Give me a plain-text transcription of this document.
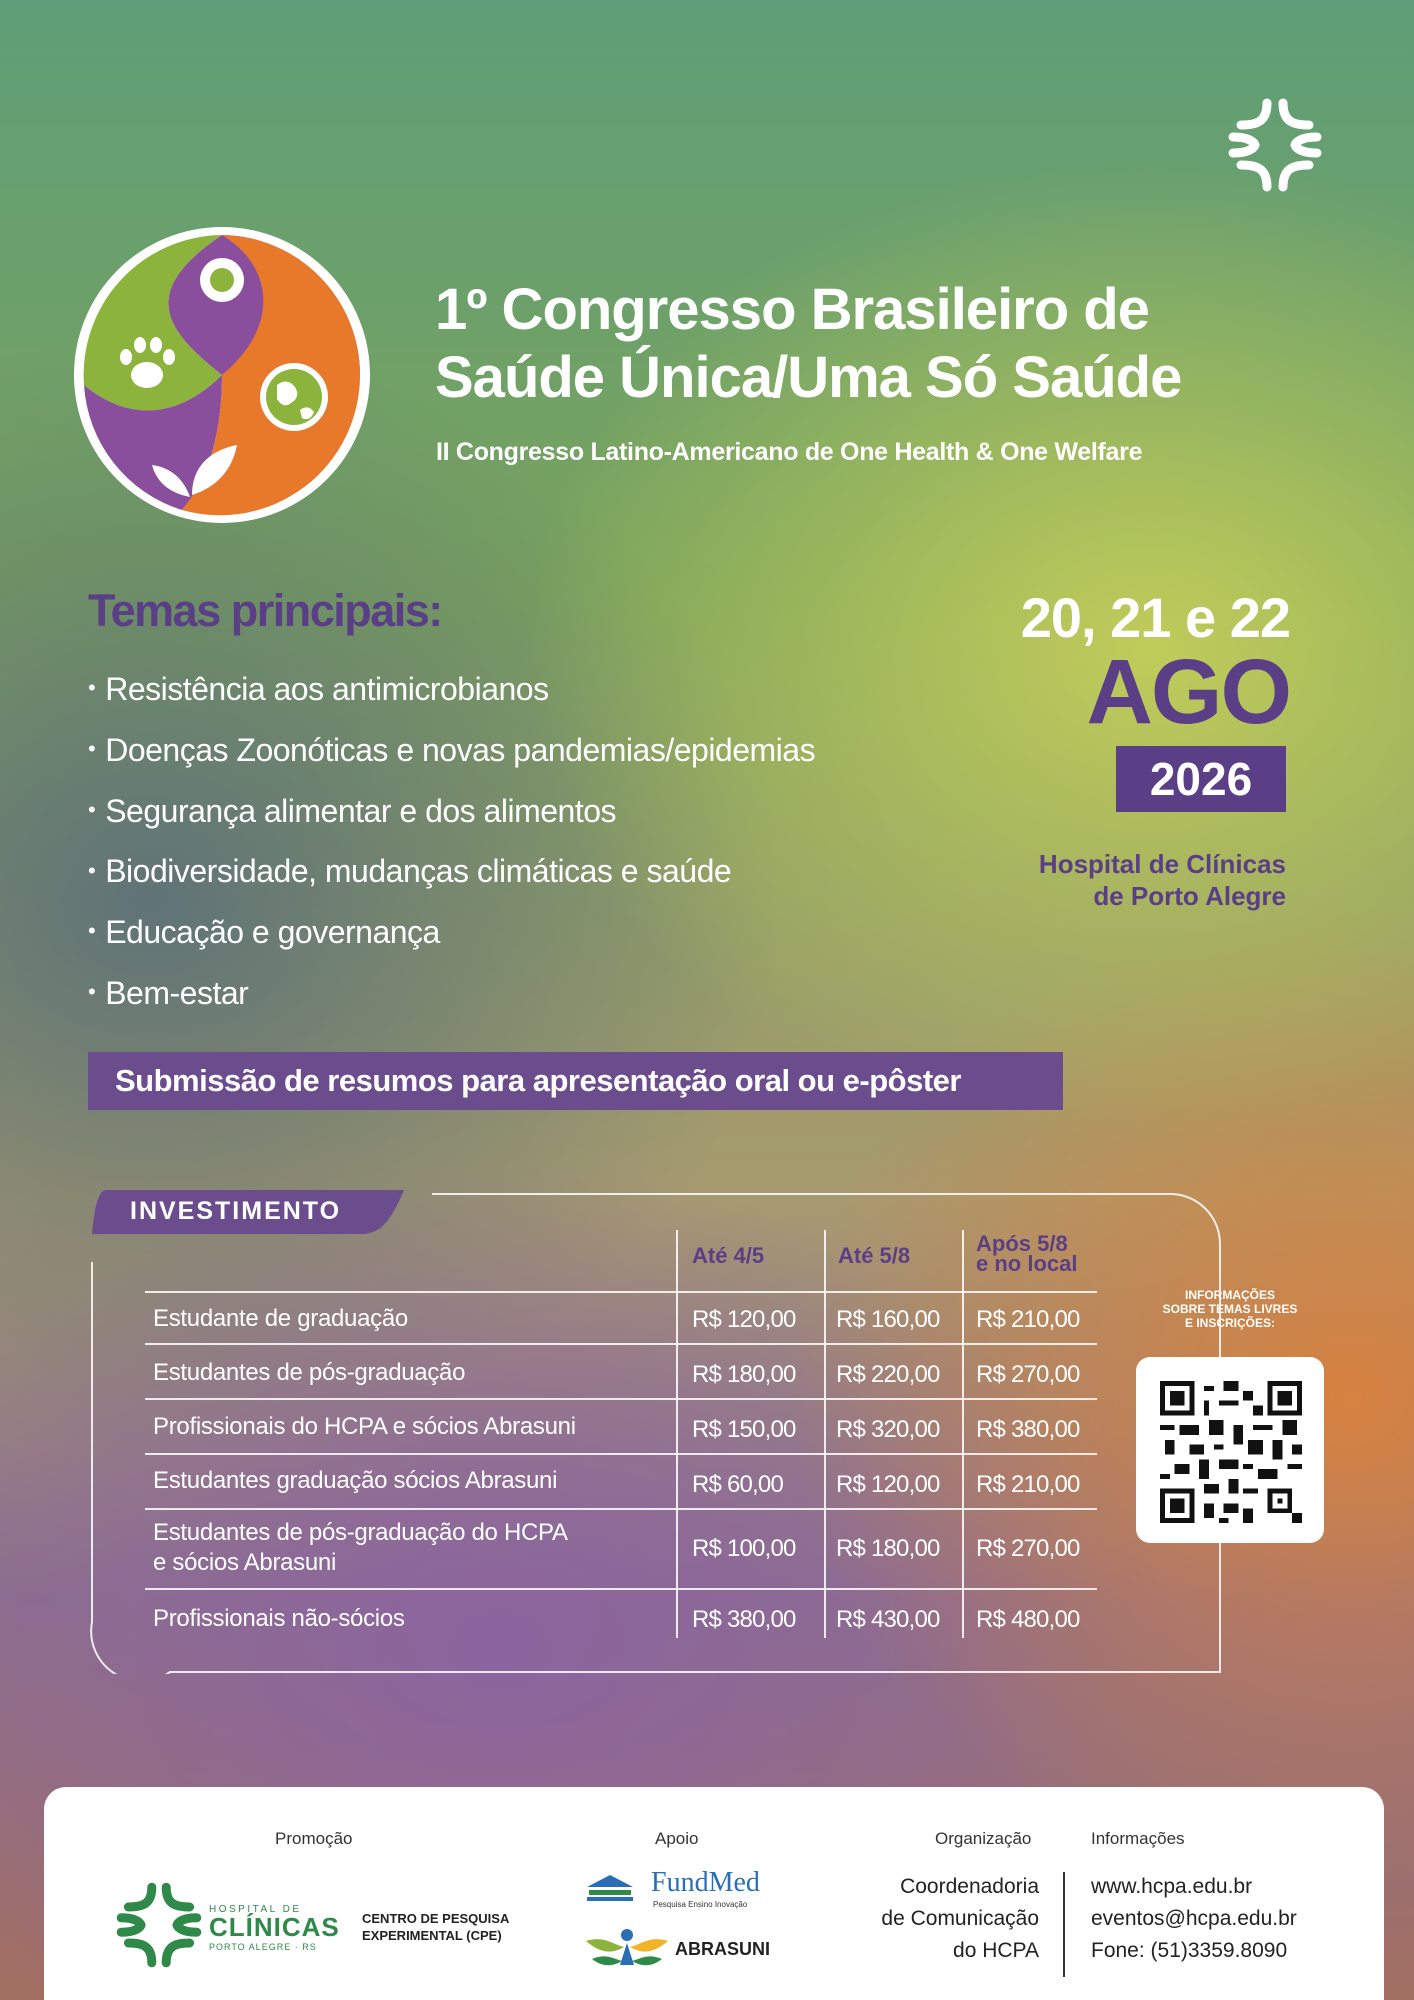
1º Congresso Brasileiro de
Saúde Única/Uma Só Saúde
II Congresso Latino-Americano de One Health & One Welfare
Temas principais:
• Resistência aos antimicrobianos
• Doenças Zoonóticas e novas pandemias/epidemias
• Segurança alimentar e dos alimentos
• Biodiversidade, mudanças climáticas e saúde
• Educação e governança
• Bem-estar
20, 21 e 22
AGO
2026
Hospital de Clínicas
de Porto Alegre
Submissão de resumos para apresentação oral ou e-pôster
INVESTIMENTO
Até 4/5	Até 5/8	Após 5/8
e no local
Estudante de graduação	R$ 120,00 R$ 160,00 R$ 210,00
Estudantes de pós-graduação	R$ 180,00 R$ 220,00 R$ 270,00
Profissionais do HCPA e sócios Abrasuni	R$ 150,00 R$ 320,00 R$ 380,00
Estudantes graduação sócios Abrasuni	R$ 60,00 R$ 120,00 R$ 210,00
Estudantes de pós-graduação do HCPA
e sócios Abrasuni
R$ 100,00 R$ 180,00 R$ 270,00
Profissionais não-sócios	R$ 380,00 R$ 430,00 R$ 480,00
INFORMAÇÕES
SOBRE TEMAS LIVRES
E INSCRIÇÕES:
Promoção
HOSPITAL DE
CLÍNICAS
PORTO ALEGRE · RS
CENTRO DE PESQUISA
EXPERIMENTAL (CPE)
Apoio
FundMed
Pesquisa Ensino Inovação
ABRASUNI
Organização
Coordenadoria
de Comunicação
do HCPA
Informações
www.hcpa.edu.br
eventos@hcpa.edu.br
Fone: (51)3359.8090
